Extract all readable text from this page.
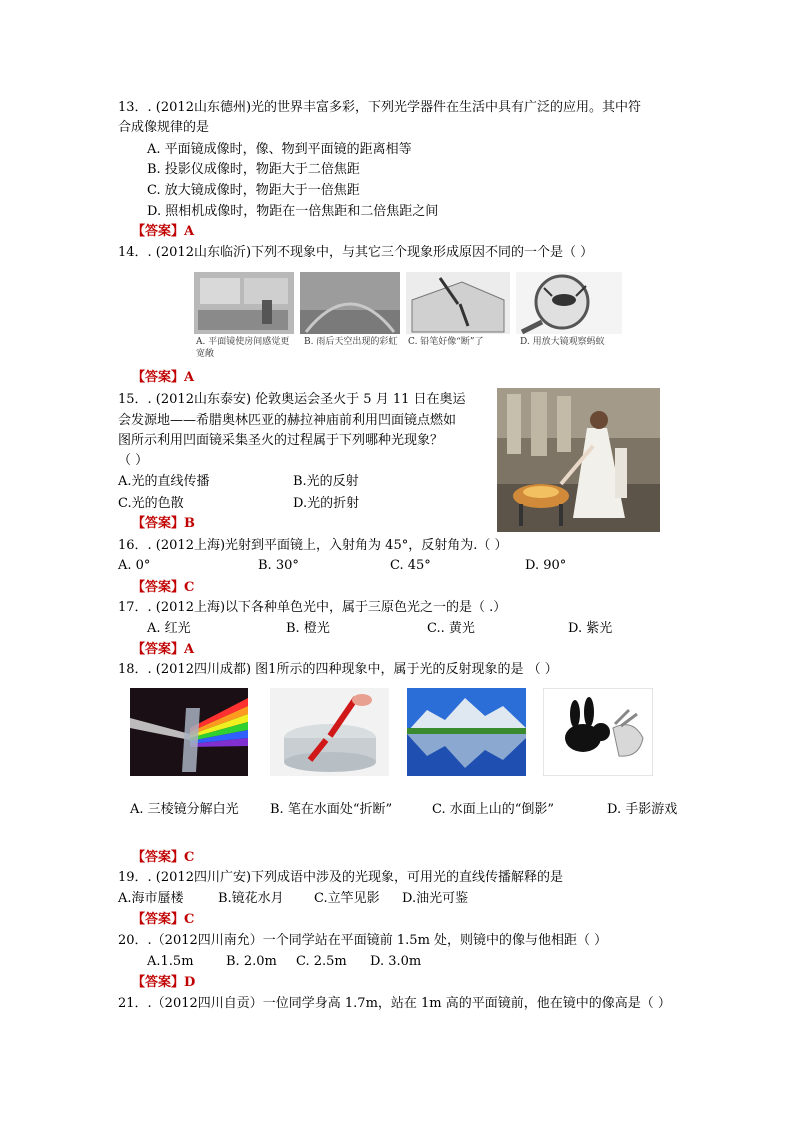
13．. (2012山东德州)光的世界丰富多彩，下列光学器件在生活中具有广泛的应用。其中符
合成像规律的是
A. 平面镜成像时，像、物到平面镜的距离相等
B. 投影仪成像时，物距大于二倍焦距
C. 放大镜成像时，物距大于一倍焦距
D. 照相机成像时，物距在一倍焦距和二倍焦距之间
【答案】A
14．. (2012山东临沂)下列不现象中，与其它三个现象形成原因不同的一个是（ ）
A. 平面镜使房间感觉更宽敞
B. 雨后天空出现的彩虹 C. 铅笔好像“断”了	D. 用放大镜观察蚂蚁
【答案】A
15．. (2012山东泰安) 伦敦奥运会圣火于 5 月 11 日在奥运
会发源地——希腊奥林匹亚的赫拉神庙前利用凹面镜点燃如
图所示利用凹面镜采集圣火的过程属于下列哪种光现象？
（ ）
A.光的直线传播	B.光的反射
C.光的色散	D.光的折射
【答案】B
16．. (2012上海)光射到平面镜上，入射角为 45°，反射角为.（ ）
A. 0°	B. 30°	C. 45°	D. 90°
【答案】C
17．. (2012上海)以下各种单色光中，属于三原色光之一的是（ .）
A. 红光	B. 橙光	C.. 黄光	D. 紫光
【答案】A
18．. (2012四川成都) 图1所示的四种现象中，属于光的反射现象的是 （ ）
A. 三棱镜分解白光 B. 笔在水面处“折断”	C. 水面上山的“倒影”	D. 手影游戏
【答案】C
19．. (2012四川广安)下列成语中涉及的光现象，可用光的直线传播解释的是
A.海市蜃楼	B.镜花水月 C.立竿见影 D.油光可鉴
【答案】C
20．.（2012四川南允）一个同学站在平面镜前 1.5m 处，则镜中的像与他相距（ ）
A.1.5m B. 2.0m C. 2.5m D. 3.0m
【答案】D
21．.（2012四川自贡）一位同学身高 1.7m，站在 1m 高的平面镜前，他在镜中的像高是（ ）
